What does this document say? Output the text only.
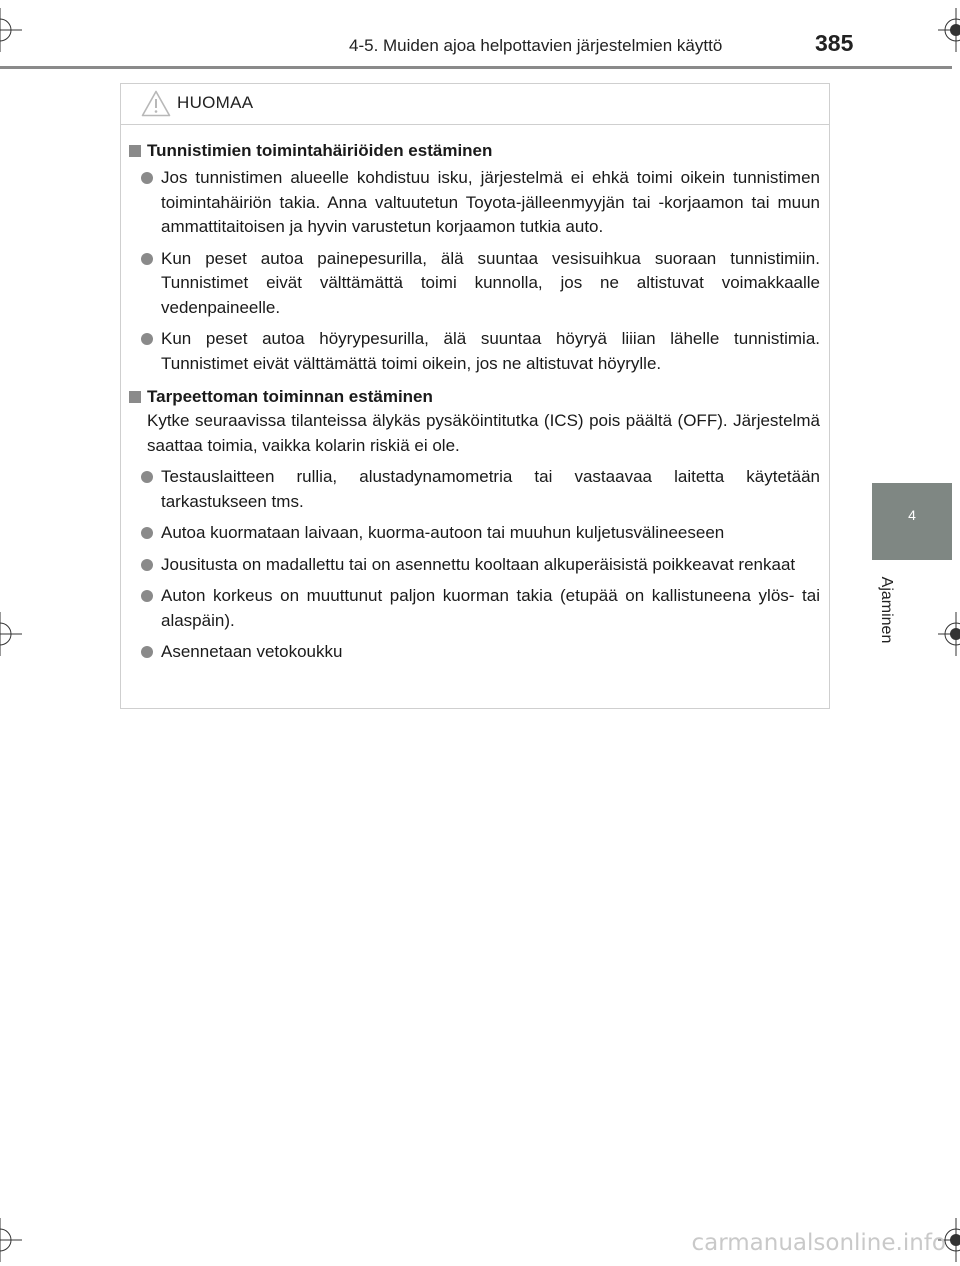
4-5. Muiden ajoa helpottavien järjestelmien käyttö	385
4
Ajaminen
HUOMAA
Tunnistimien toimintahäiriöiden estäminen
Jos tunnistimen alueelle kohdistuu isku, järjestelmä ei ehkä toimi oikein tunnistimen toimintahäiriön takia. Anna valtuutetun Toyota-jälleenmyyjän tai -korjaamon tai muun ammattitaitoisen ja hyvin varustetun korjaamon tutkia auto.
Kun peset autoa painepesurilla, älä suuntaa vesisuihkua suoraan tunnistimiin. Tunnistimet eivät välttämättä toimi kunnolla, jos ne altistuvat voimakkaalle vedenpaineelle.
Kun peset autoa höyrypesurilla, älä suuntaa höyryä liiian lähelle tunnistimia. Tunnistimet eivät välttämättä toimi oikein, jos ne altistuvat höyrylle.
Tarpeettoman toiminnan estäminen
Kytke seuraavissa tilanteissa älykäs pysäköintitutka (ICS) pois päältä (OFF). Järjestelmä saattaa toimia, vaikka kolarin riskiä ei ole.
Testauslaitteen rullia, alustadynamometria tai vastaavaa laitetta käytetään tarkastukseen tms.
Autoa kuormataan laivaan, kuorma-autoon tai muuhun kuljetusvälineeseen
Jousitusta on madallettu tai on asennettu kooltaan alkuperäisistä poikkeavat renkaat
Auton korkeus on muuttunut paljon kuorman takia (etupää on kallistuneena ylös- tai alaspäin).
Asennetaan vetokoukku
carmanualsonline.info
